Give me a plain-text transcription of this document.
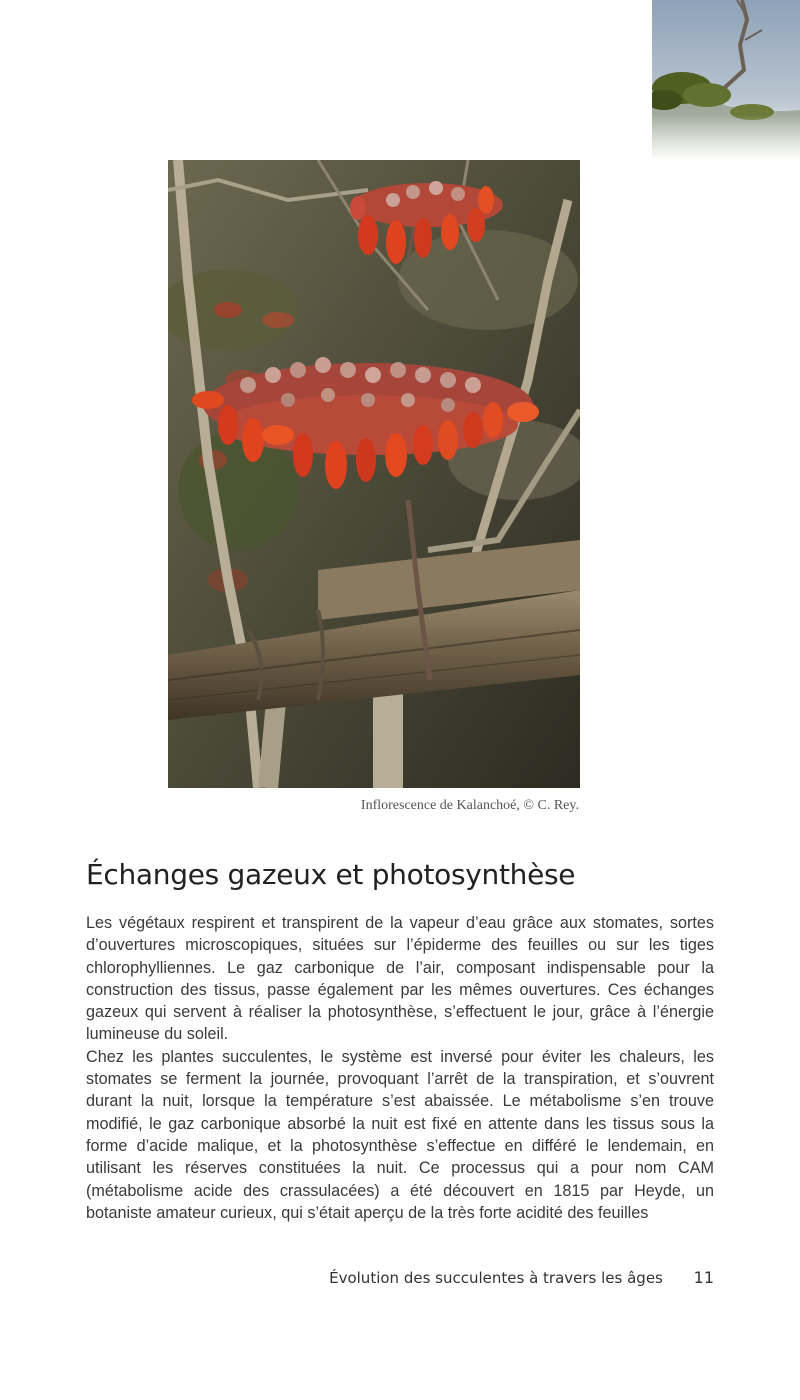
Inflorescence de Kalanchoé, © C. Rey.

Échanges gazeux et photosynthèse

Les végétaux respirent et transpirent de la vapeur d’eau grâce aux stomates, sortes d’ouvertures microscopiques, situées sur l’épiderme des feuilles ou sur les tiges chlorophylliennes. Le gaz carbonique de l’air, composant indispensable pour la construction des tissus, passe également par les mêmes ouvertures. Ces échanges gazeux qui servent à réaliser la photosynthèse, s’effectuent le jour, grâce à l’énergie lumineuse du soleil.

Chez les plantes succulentes, le système est inversé pour éviter les chaleurs, les stomates se ferment la journée, provoquant l’arrêt de la transpiration, et s’ouvrent durant la nuit, lorsque la température s’est abaissée. Le métabolisme s’en trouve modifié, le gaz carbonique absorbé la nuit est fixé en attente dans les tissus sous la forme d’acide malique, et la photosynthèse s’effectue en différé le lendemain, en utilisant les réserves constituées la nuit. Ce processus qui a pour nom CAM (métabolisme acide des crassulacées) a été découvert en 1815 par Heyde, un botaniste amateur curieux, qui s’était aperçu de la très forte acidité des feuilles

Évolution des succulentes à travers les âges 11
